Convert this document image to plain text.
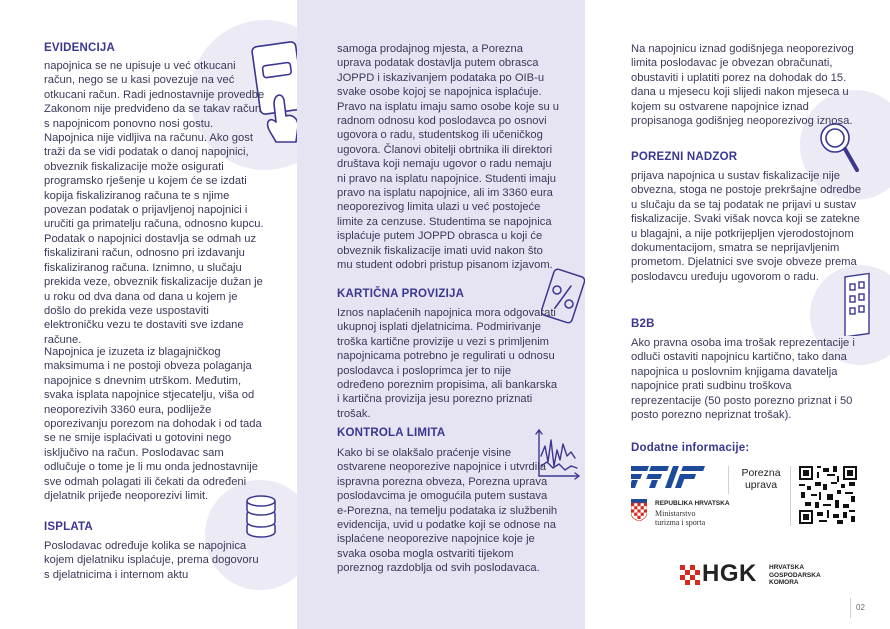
EVIDENCIJA

napojnica se ne upisuje u već otkucani račun, nego se u kasi povezuje na već otkucani račun. Radi jednostavnije provedbe Zakonom nije predviđeno da se takav račun s napojnicom ponovno nosi gostu. Napojnica nije vidljiva na računu. Ako gost traži da se vidi podatak o danoj napojnici, obveznik fiskalizacije može osigurati programsko rješenje u kojem će se izdati kopija fiskaliziranog računa te s njime povezan podatak o prijavljenoj napojnici i uručiti ga primatelju računa, odnosno kupcu. Podatak o napojnici dostavlja se odmah uz fiskalizirani račun, odnosno pri izdavanju fiskaliziranog računa. Iznimno, u slučaju prekida veze, obveznik fiskalizacije dužan je u roku od dva dana od dana u kojem je došlo do prekida veze uspostaviti elektroničku vezu te dostaviti sve izdane račune.

Napojnica je izuzeta iz blagajničkog maksimuma i ne postoji obveza polaganja napojnice s dnevnim utrškom. Međutim, svaka isplata napojnice stjecatelju, viša od neoporezivih 3360 eura, podliježe oporezivanju porezom na dohodak i od tada se ne smije isplaćivati u gotovini nego isključivo na račun. Poslodavac sam odlučuje o tome je li mu onda jednostavnije sve odmah polagati ili čekati da određeni djelatnik prijeđe neoporezivi limit.

ISPLATA

Poslodavac određuje kolika se napojnica kojem djelatniku isplaćuje, prema dogovoru s djelatnicima i internom aktu

samoga prodajnog mjesta, a Porezna uprava podatak dostavlja putem obrasca JOPPD i iskazivanjem podataka po OIB-u svake osobe kojoj se napojnica isplaćuje. Pravo na isplatu imaju samo osobe koje su u radnom odnosu kod poslodavca po osnovi ugovora o radu, studentskog ili učeničkog ugovora. Članovi obitelji obrtnika ili direktori društava koji nemaju ugovor o radu nemaju ni pravo na isplatu napojnice. Studenti imaju pravo na isplatu napojnice, ali im 3360 eura neoporezivog limita ulazi u već postojeće limite za cenzuse. Studentima se napojnica isplaćuje putem JOPPD obrasca u koji će obveznik fiskalizacije imati uvid nakon što mu student odobri pristup pisanom izjavom.

KARTIČNA PROVIZIJA

Iznos naplaćenih napojnica mora odgovarati ukupnoj isplati djelatnicima. Podmirivanje troška kartične provizije u vezi s primljenim napojnicama potrebno je regulirati u odnosu poslodavca i posloprimca jer to nije određeno poreznim propisima, ali bankarska i kartična provizija jesu porezno priznati trošak.

KONTROLA LIMITA

Kako bi se olakšalo praćenje visine ostvarene neoporezive napojnice i utvrdila ispravna porezna obveza, Porezna uprava poslodavcima je omogućila putem sustava e-Porezna, na temelju podataka iz službenih evidencija, uvid u podatke koji se odnose na isplaćene neoporezive napojnice koje je svaka osoba mogla ostvariti tijekom poreznog razdoblja od svih poslodavaca.

Na napojnicu iznad godišnjega neoporezivog limita poslodavac je obvezan obračunati, obustaviti i uplatiti porez na dohodak do 15. dana u mjesecu koji slijedi nakon mjeseca u kojem su ostvarene napojnice iznad propisanoga godišnjeg neoporezivog iznosa.

POREZNI NADZOR

prijava napojnica u sustav fiskalizacije nije obvezna, stoga ne postoje prekršajne odredbe u slučaju da se taj podatak ne prijavi u sustav fiskalizacije. Svaki višak novca koji se zatekne u blagajni, a nije potkrijepljen vjerodostojnom dokumentacijom, smatra se neprijavljenim prometom. Djelatnici sve svoje obveze prema poslodavcu uređuju ugovorom o radu.

B2B

Ako pravna osoba ima trošak reprezentacije i odluči ostaviti napojnicu kartično, tako dana napojnica u poslovnim knjigama davatelja napojnice prati sudbinu troškova reprezentacije (50 posto porezno priznat i 50 posto porezno nepriznat trošak).

Dodatne informacije:
Porezna
uprava
REPUBLIKA HRVATSKA
Ministarstvo
turizma i sporta
HGK HRVATSKA
GOSPODARSKA
KOMORA
02
